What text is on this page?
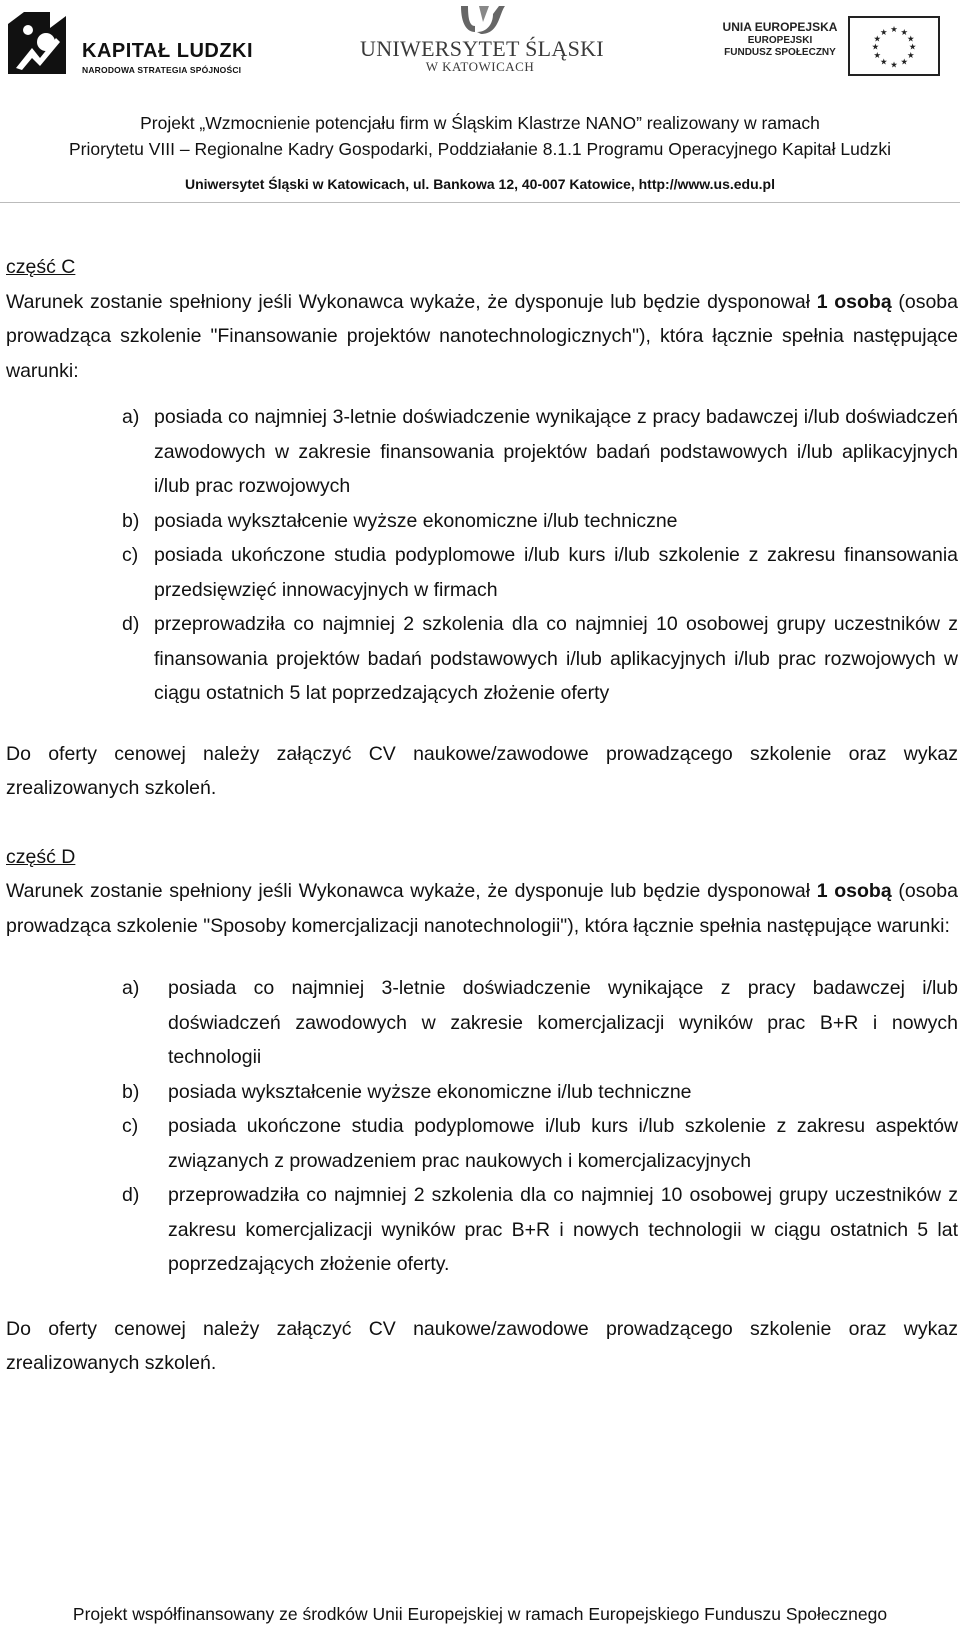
KAPITAŁ LUDZKI
NARODOWA STRATEGIA SPÓJNOŚCI
UNIWERSYTET ŚLĄSKI
W KATOWICACH
UNIA EUROPEJSKA
EUROPEJSKI
FUNDUSZ SPOŁECZNY
★ ★
★
★
★
★
★
★
★
★
★
★
Projekt „Wzmocnienie potencjału firm w Śląskim Klastrze NANO” realizowany w ramach
Priorytetu VIII – Regionalne Kadry Gospodarki, Poddziałanie 8.1.1 Programu Operacyjnego Kapitał Ludzki
Uniwersytet Śląski w Katowicach, ul. Bankowa 12, 40-007 Katowice, http://www.us.edu.pl

część C

Warunek zostanie spełniony jeśli Wykonawca wykaże, że dysponuje lub będzie dysponował 1 osobą (osoba prowadząca szkolenie "Finansowanie projektów nanotechnologicznych"), która łącznie spełnia następujące warunki:

a) posiada co najmniej 3-letnie doświadczenie wynikające z pracy badawczej i/lub doświadczeń zawodowych w zakresie finansowania projektów badań podstawowych i/lub aplikacyjnych i/lub prac rozwojowych
b) posiada wykształcenie wyższe ekonomiczne i/lub techniczne
c) posiada ukończone studia podyplomowe i/lub kurs i/lub szkolenie z zakresu finansowania przedsięwzięć innowacyjnych w firmach
d) przeprowadziła co najmniej 2 szkolenia dla co najmniej 10 osobowej grupy uczestników z finansowania projektów badań podstawowych i/lub aplikacyjnych i/lub prac rozwojowych w ciągu ostatnich 5 lat poprzedzających złożenie oferty

Do oferty cenowej należy załączyć CV naukowe/zawodowe prowadzącego szkolenie oraz wykaz zrealizowanych szkoleń.

część D

Warunek zostanie spełniony jeśli Wykonawca wykaże, że dysponuje lub będzie dysponował 1 osobą (osoba prowadząca szkolenie "Sposoby komercjalizacji nanotechnologii"), która łącznie spełnia następujące warunki:

a) posiada co najmniej 3-letnie doświadczenie wynikające z pracy badawczej i/lub doświadczeń zawodowych w zakresie komercjalizacji wyników prac B+R i nowych technologii
b) posiada wykształcenie wyższe ekonomiczne i/lub techniczne
c) posiada ukończone studia podyplomowe i/lub kurs i/lub szkolenie z zakresu aspektów związanych z prowadzeniem prac naukowych i komercjalizacyjnych
d) przeprowadziła co najmniej 2 szkolenia dla co najmniej 10 osobowej grupy uczestników z zakresu komercjalizacji wyników prac B+R i nowych technologii w ciągu ostatnich 5 lat poprzedzających złożenie oferty.

Do oferty cenowej należy załączyć CV naukowe/zawodowe prowadzącego szkolenie oraz wykaz zrealizowanych szkoleń.

Projekt współfinansowany ze środków Unii Europejskiej w ramach Europejskiego Funduszu Społecznego
